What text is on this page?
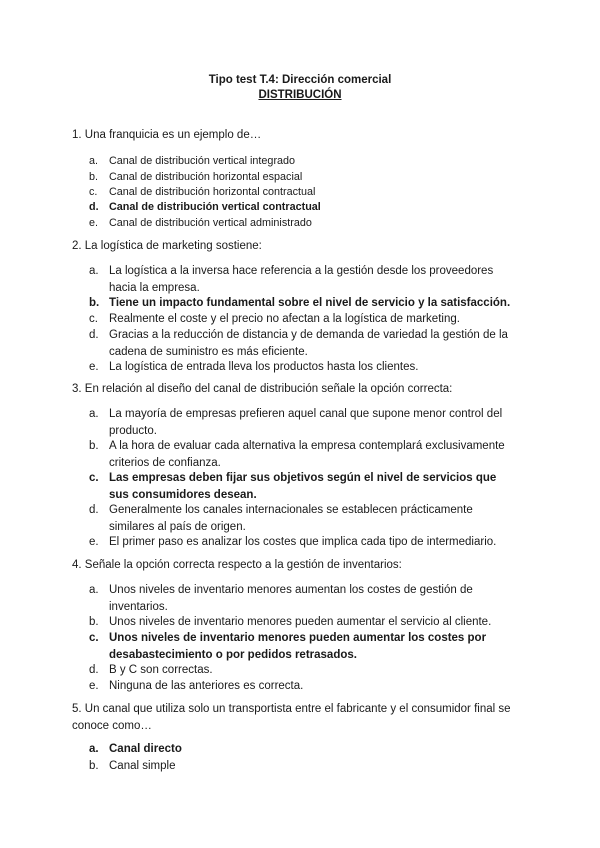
Tipo test T.4: Dirección comercial
DISTRIBUCIÓN
1. Una franquicia es un ejemplo de…
a.	Canal de distribución vertical integrado
b.	Canal de distribución horizontal espacial
c.	Canal de distribución horizontal contractual
d. Canal de distribución vertical contractual
e.	Canal de distribución vertical administrado
2. La logística de marketing sostiene:
a. La logística a la inversa hace referencia a la gestión desde los proveedores hacia la empresa.
b. Tiene un impacto fundamental sobre el nivel de servicio y la satisfacción.
c. Realmente el coste y el precio no afectan a la logística de marketing.
d. Gracias a la reducción de distancia y de demanda de variedad la gestión de la cadena de suministro es más eficiente.
e. La logística de entrada lleva los productos hasta los clientes.
3. En relación al diseño del canal de distribución señale la opción correcta:
a. La mayoría de empresas prefieren aquel canal que supone menor control del producto.
b. A la hora de evaluar cada alternativa la empresa contemplará exclusivamente criterios de confianza.
c. Las empresas deben fijar sus objetivos según el nivel de servicios que sus consumidores desean.
d. Generalmente los canales internacionales se establecen prácticamente similares al país de origen.
e. El primer paso es analizar los costes que implica cada tipo de intermediario.
4. Señale la opción correcta respecto a la gestión de inventarios:
a. Unos niveles de inventario menores aumentan los costes de gestión de inventarios.
b. Unos niveles de inventario menores pueden aumentar el servicio al cliente.
c. Unos niveles de inventario menores pueden aumentar los costes por desabastecimiento o por pedidos retrasados.
d. B y C son correctas.
e. Ninguna de las anteriores es correcta.
5. Un canal que utiliza solo un transportista entre el fabricante y el consumidor final se conoce como…
a. Canal directo
b. Canal simple
